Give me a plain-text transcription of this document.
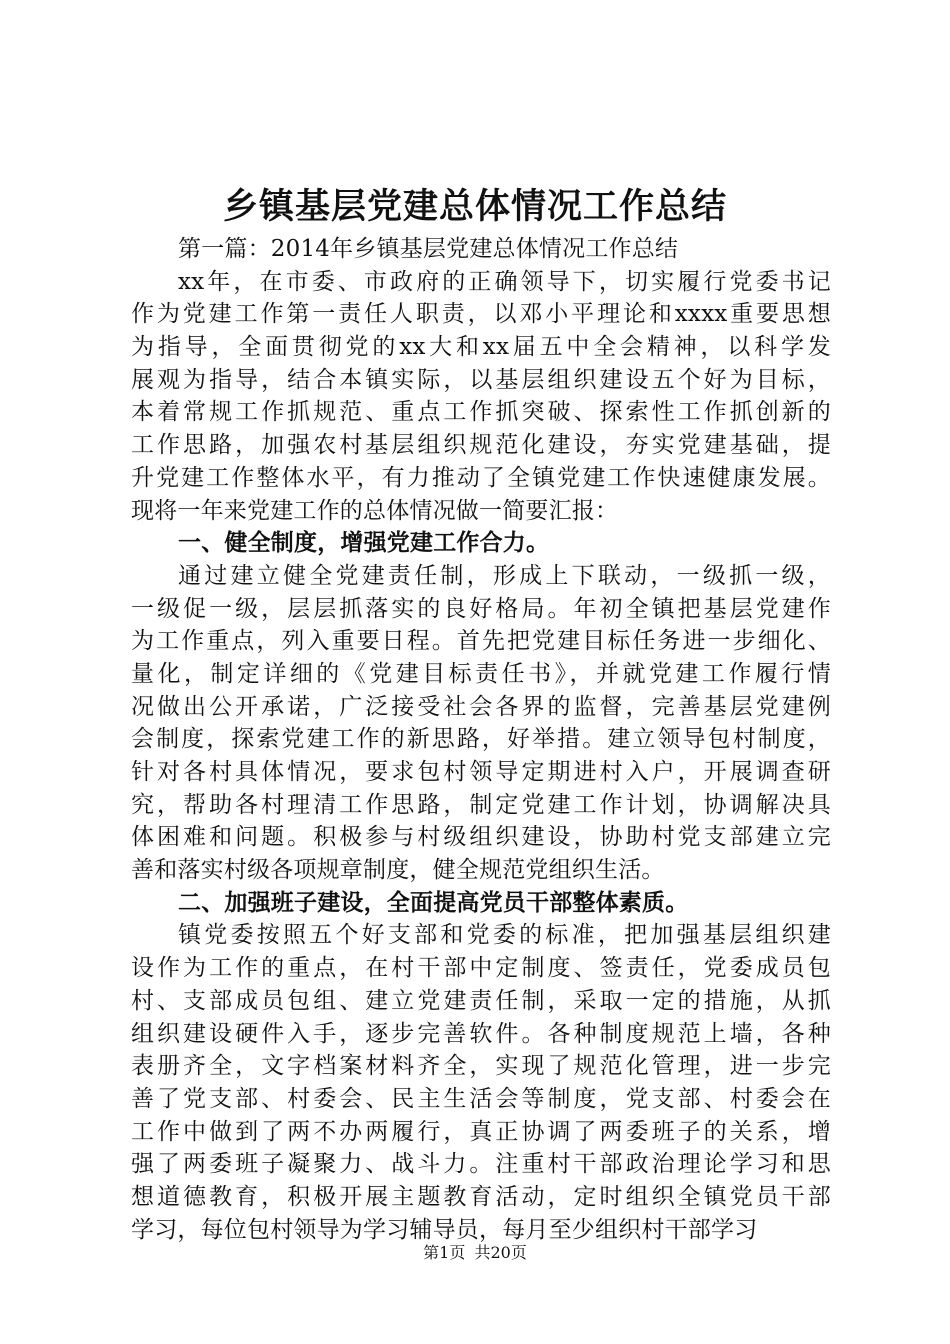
乡镇基层党建总体情况工作总结
第一篇：2014年乡镇基层党建总体情况工作总结
xx年，在市委、市政府的正确领导下，切实履行党委书记
作为党建工作第一责任人职责，以邓小平理论和xxxx重要思想
为指导，全面贯彻党的xx大和xx届五中全会精神，以科学发
展观为指导，结合本镇实际，以基层组织建设五个好为目标，
本着常规工作抓规范、重点工作抓突破、探索性工作抓创新的
工作思路，加强农村基层组织规范化建设，夯实党建基础，提
升党建工作整体水平，有力推动了全镇党建工作快速健康发展。
现将一年来党建工作的总体情况做一简要汇报：
一、健全制度，增强党建工作合力。
通过建立健全党建责任制，形成上下联动，一级抓一级，
一级促一级，层层抓落实的良好格局。年初全镇把基层党建作
为工作重点，列入重要日程。首先把党建目标任务进一步细化、
量化，制定详细的《党建目标责任书》，并就党建工作履行情
况做出公开承诺，广泛接受社会各界的监督，完善基层党建例
会制度，探索党建工作的新思路，好举措。建立领导包村制度，
针对各村具体情况，要求包村领导定期进村入户，开展调查研
究，帮助各村理清工作思路，制定党建工作计划，协调解决具
体困难和问题。积极参与村级组织建设，协助村党支部建立完
善和落实村级各项规章制度，健全规范党组织生活。
二、加强班子建设，全面提高党员干部整体素质。
镇党委按照五个好支部和党委的标准，把加强基层组织建
设作为工作的重点，在村干部中定制度、签责任，党委成员包
村、支部成员包组、建立党建责任制，采取一定的措施，从抓
组织建设硬件入手，逐步完善软件。各种制度规范上墙，各种
表册齐全，文字档案材料齐全，实现了规范化管理，进一步完
善了党支部、村委会、民主生活会等制度，党支部、村委会在
工作中做到了两不办两履行，真正协调了两委班子的关系，增
强了两委班子凝聚力、战斗力。注重村干部政治理论学习和思
想道德教育，积极开展主题教育活动，定时组织全镇党员干部
学习，每位包村领导为学习辅导员，每月至少组织村干部学习
第1页 共20页
